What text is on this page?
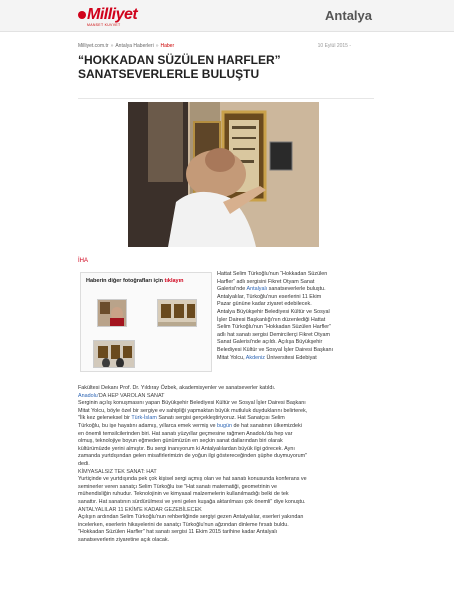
Milliyet
MANSET KUVVET
Antalya
Milliyet.com.tr » Antalya Haberleri » Haber	10 Eylül 2015 -
“HOKKADAN SÜZÜLEN HARFLER” SANATSEVERLERLE BULUŞTU
İHA
Haberin diğer fotoğrafları için tıklayın
Hattat Selim Türkoğlu'nun “Hokkadan Süzülen
Harfler” adlı sergisini Fikret Otyam Sanat
Galerisi'nde Antalyalı sanatseverlerle buluştu.
Antalyalılar, Türkoğlu'nun eserlerini 11 Ekim
Pazar gününe kadar ziyaret edebilecek.
Antalya Büyükşehir Belediyesi Kültür ve Sosyal
İşler Dairesi Başkanlığı'nın düzenlediği Hattat
Selim Türkoğlu'nun “Hokkadan Süzülen Harfler”
adlı hat sanatı sergisi Demircilerçi Fikret Otyam
Sanat Galerisi'nde açıldı. Açılışa Büyükşehir
Belediyesi Kültür ve Sosyal İşler Dairesi Başkanı
Mitat Yolcu, Akdeniz Üniversitesi Edebiyat
Fakültesi Dekanı Prof. Dr. Yıldıray Özbek, akademisyenler ve sanatseverler katıldı.
Anadolu'DA HEP VAROLAN SANAT
Serginin açılış konuşmasını yapan Büyükşehir Belediyesi Kültür ve Sosyal İşler Dairesi Başkanı
Mitat Yolcu, böyle özel bir sergiye ev sahipliği yapmaktan büyük mutluluk duyduklarını belirterek,
"İlk kez geleneksel bir Türk-İslam Sanatı sergisi gerçekleştiriyoruz. Hat Sanatçısı Selim
Türkoğlu, bu işe hayatını adamış, yıllarca emek vermiş ve bugün de hat sanatının ülkemizdeki
en önemli temsilcilerinden biri. Hat sanatı yüzyıllar geçmesine rağmen Anadolu'da hep var
olmuş, teknolojiye boyun eğmeden günümüzün en seçkin sanat dallarından biri olarak
kültürümüzde yerini almıştır. Bu sergi inanıyorum ki Antalyalılardan büyük ilgi görecek. Aynı
zamanda yurtdışından gelen misafirlerimizin de yoğun ilgi göstereceğinden şüphe duymuyorum"
dedi.
KİMYASALSIZ TEK SANAT: HAT
Yurtiçinde ve yurtdışında pek çok kişisel sergi açmış olan ve hat sanatı konusunda konferans ve
seminerler veren sanatçı Selim Türkoğlu ise "Hat sanatı matematiği, geometrinin ve
mühendisliğin ruhudur. Teknolojinin ve kimyasal malzemelerin kullanılmadığı belki de tek
sanattır. Hat sanatının sürdürülmesi ve yeni gelen kuşağa aktarılması çok önemli" diye konuştu.
ANTALYALILAR 11 EKİM'E KADAR GEZEBİLECEK
Açılışın ardından Selim Türkoğlu'nun rehberliğinde sergiyi gezen Antalyalılar, eserleri yakından
incelerken, eserlerin hikayelerini de sanatçı Türkoğlu'nun ağzından dinleme fırsatı buldu.
"Hokkadan Süzülen Harfler" hat sanatı sergisi 11 Ekim 2015 tarihine kadar Antalyalı
sanatseverlerin ziyaretine açık olacak.
